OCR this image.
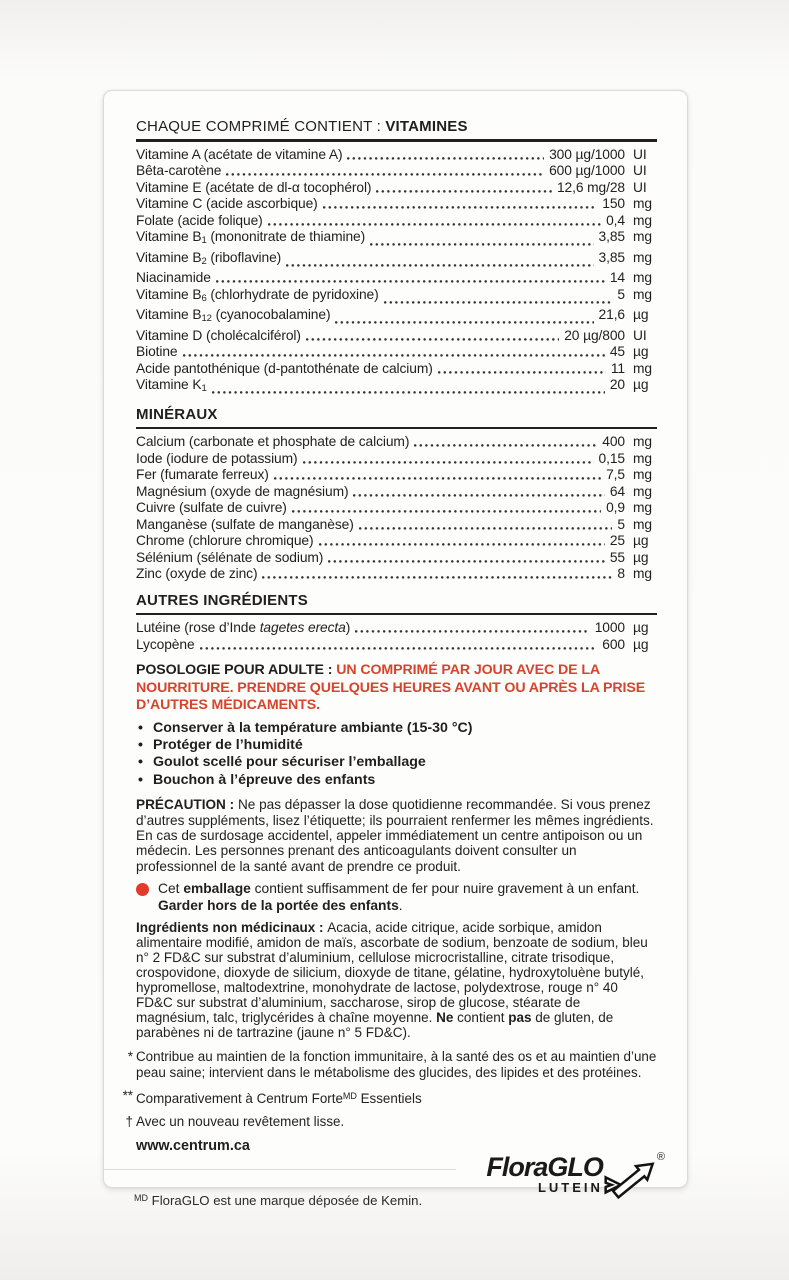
CHAQUE COMPRIMÉ CONTIENT : VITAMINES
Vitamine A (acétate de vitamine A)	300 µg/1000 UI
Bêta-carotène	600 µg/1000 UI
Vitamine E (acétate de dl-α tocophérol)	12,6 mg/28 UI
Vitamine C (acide ascorbique)	150 mg
Folate (acide folique)	0,4 mg
Vitamine B1 (mononitrate de thiamine)	3,85 mg
Vitamine B2 (riboflavine)	3,85 mg
Niacinamide	14 mg
Vitamine B6 (chlorhydrate de pyridoxine)	5 mg
Vitamine B12 (cyanocobalamine)	21,6 µg
Vitamine D (cholécalciférol)	20 µg/800 UI
Biotine	45 µg
Acide pantothénique (d-pantothénate de calcium)	11 mg
Vitamine K1	20 µg
MINÉRAUX
Calcium (carbonate et phosphate de calcium)	400 mg
Iode (iodure de potassium)	0,15 mg
Fer (fumarate ferreux)	7,5 mg
Magnésium (oxyde de magnésium)	64 mg
Cuivre (sulfate de cuivre)	0,9 mg
Manganèse (sulfate de manganèse)	5 mg
Chrome (chlorure chromique)	25 µg
Sélénium (sélénate de sodium)	55 µg
Zinc (oxyde de zinc)	8 mg
AUTRES INGRÉDIENTS
Lutéine (rose d’Inde tagetes erecta)	1000 µg
Lycopène	600 µg

POSOLOGIE POUR ADULTE : UN COMPRIMÉ PAR JOUR AVEC DE LA NOURRITURE. PRENDRE QUELQUES HEURES AVANT OU APRÈS LA PRISE D’AUTRES MÉDICAMENTS.

• Conserver à la température ambiante (15-30 °C)
• Protéger de l’humidité
• Goulot scellé pour sécuriser l’emballage
• Bouchon à l’épreuve des enfants

PRÉCAUTION : Ne pas dépasser la dose quotidienne recommandée. Si vous prenez d’autres suppléments, lisez l’étiquette; ils pourraient renfermer les mêmes ingrédients. En cas de surdosage accidentel, appeler immédiatement un centre antipoison ou un médecin. Les personnes prenant des anticoagulants doivent consulter un professionnel de la santé avant de prendre ce produit.

Cet emballage contient suffisamment de fer pour nuire gravement à un enfant. Garder hors de la portée des enfants.

Ingrédients non médicinaux : Acacia, acide citrique, acide sorbique, amidon alimentaire modifié, amidon de maïs, ascorbate de sodium, benzoate de sodium, bleu n° 2 FD&C sur substrat d’aluminium, cellulose microcristalline, citrate trisodique, crospovidone, dioxyde de silicium, dioxyde de titane, gélatine, hydroxytoluène butylé, hypromellose, maltodextrine, monohydrate de lactose, polydextrose, rouge n° 40 FD&C sur substrat d’aluminium, saccharose, sirop de glucose, stéarate de magnésium, talc, triglycérides à chaîne moyenne. Ne contient pas de gluten, de parabènes ni de tartrazine (jaune n° 5 FD&C).

* Contribue au maintien de la fonction immunitaire, à la santé des os et au maintien d’une peau saine; intervient dans le métabolisme des glucides, des lipides et des protéines.
** Comparativement à Centrum Forte$^{MD}$ Essentiels
† Avec un nouveau revêtement lisse.
www.centrum.ca
$^{MD}$ FloraGLO est une marque déposée de Kemin.
FloraGLO
LUTEIN
®
